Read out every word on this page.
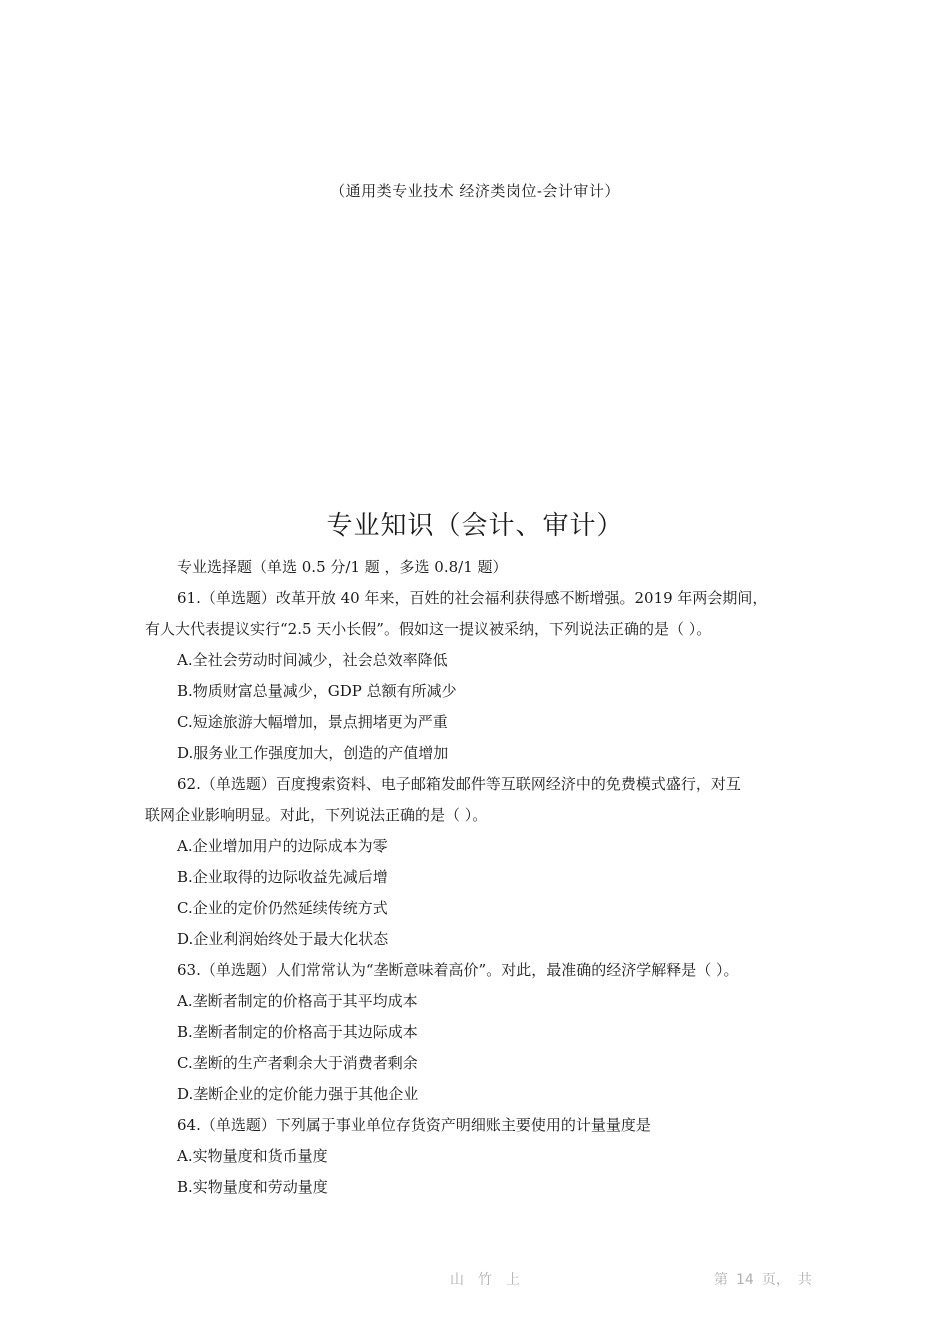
（通用类专业技术 经济类岗位-会计审计）
专业知识（会计、审计）
专业选择题（单选 0.5 分/1 题 ，多选 0.8/1 题）
61.（单选题）改革开放 40 年来，百姓的社会福利获得感不断增强。2019 年两会期间，
有人大代表提议实行“2.5 天小长假”。假如这一提议被采纳，下列说法正确的是（ ）。
A.全社会劳动时间减少，社会总效率降低
B.物质财富总量减少，GDP 总额有所减少
C.短途旅游大幅增加，景点拥堵更为严重
D.服务业工作强度加大，创造的产值增加
62.（单选题）百度搜索资料、电子邮箱发邮件等互联网经济中的免费模式盛行，对互
联网企业影响明显。对此，下列说法正确的是（ ）。
A.企业增加用户的边际成本为零
B.企业取得的边际收益先减后增
C.企业的定价仍然延续传统方式
D.企业利润始终处于最大化状态
63.（单选题）人们常常认为“垄断意味着高价”。对此，最准确的经济学解释是（ ）。
A.垄断者制定的价格高于其平均成本
B.垄断者制定的价格高于其边际成本
C.垄断的生产者剩余大于消费者剩余
D.垄断企业的定价能力强于其他企业
64.（单选题）下列属于事业单位存货资产明细账主要使用的计量量度是
A.实物量度和货币量度
B.实物量度和劳动量度
山竹上	第 14 页， 共
